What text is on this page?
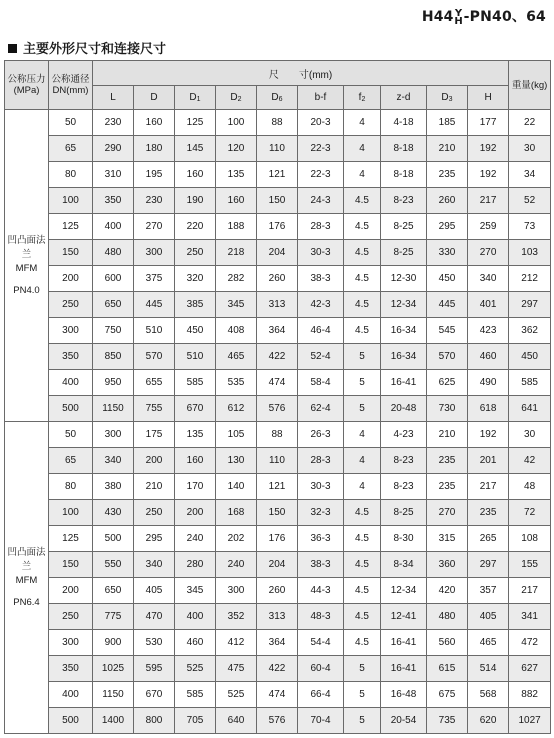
H44 Y
H -PN40、64
主要外形尺寸和连接尺寸
公称压力(MPa)	公称通径DN(mm)	尺　　寸(mm)										重量(kg)
		L	D	$D_1$	$D_2$	$D_6$	b-f	$f_2$	z-d	$D_3$	H	

凹凸面法兰
MFM
PN4.0	50	230	160	125	100	88	20-3	4	4-18	185	177	22
	65	290	180	145	120	110	22-3	4	8-18	210	192	30
	80	310	195	160	135	121	22-3	4	8-18	235	192	34
	100	350	230	190	160	150	24-3	4.5	8-23	260	217	52
	125	400	270	220	188	176	28-3	4.5	8-25	295	259	73
	150	480	300	250	218	204	30-3	4.5	8-25	330	270	103
	200	600	375	320	282	260	38-3	4.5	12-30	450	340	212
	250	650	445	385	345	313	42-3	4.5	12-34	445	401	297
	300	750	510	450	408	364	46-4	4.5	16-34	545	423	362
	350	850	570	510	465	422	52-4	5	16-34	570	460	450
	400	950	655	585	535	474	58-4	5	16-41	625	490	585
	500	1150	755	670	612	576	62-4	5	20-48	730	618	641

凹凸面法兰
MFM
PN6.4	50	300	175	135	105	88	26-3	4	4-23	210	192	30
	65	340	200	160	130	110	28-3	4	8-23	235	201	42
	80	380	210	170	140	121	30-3	4	8-23	235	217	48
	100	430	250	200	168	150	32-3	4.5	8-25	270	235	72
	125	500	295	240	202	176	36-3	4.5	8-30	315	265	108
	150	550	340	280	240	204	38-3	4.5	8-34	360	297	155
	200	650	405	345	300	260	44-3	4.5	12-34	420	357	217
	250	775	470	400	352	313	48-3	4.5	12-41	480	405	341
	300	900	530	460	412	364	54-4	4.5	16-41	560	465	472
	350	1025	595	525	475	422	60-4	5	16-41	615	514	627
	400	1150	670	585	525	474	66-4	5	16-48	675	568	882
	500	1400	800	705	640	576	70-4	5	20-54	735	620	1027
